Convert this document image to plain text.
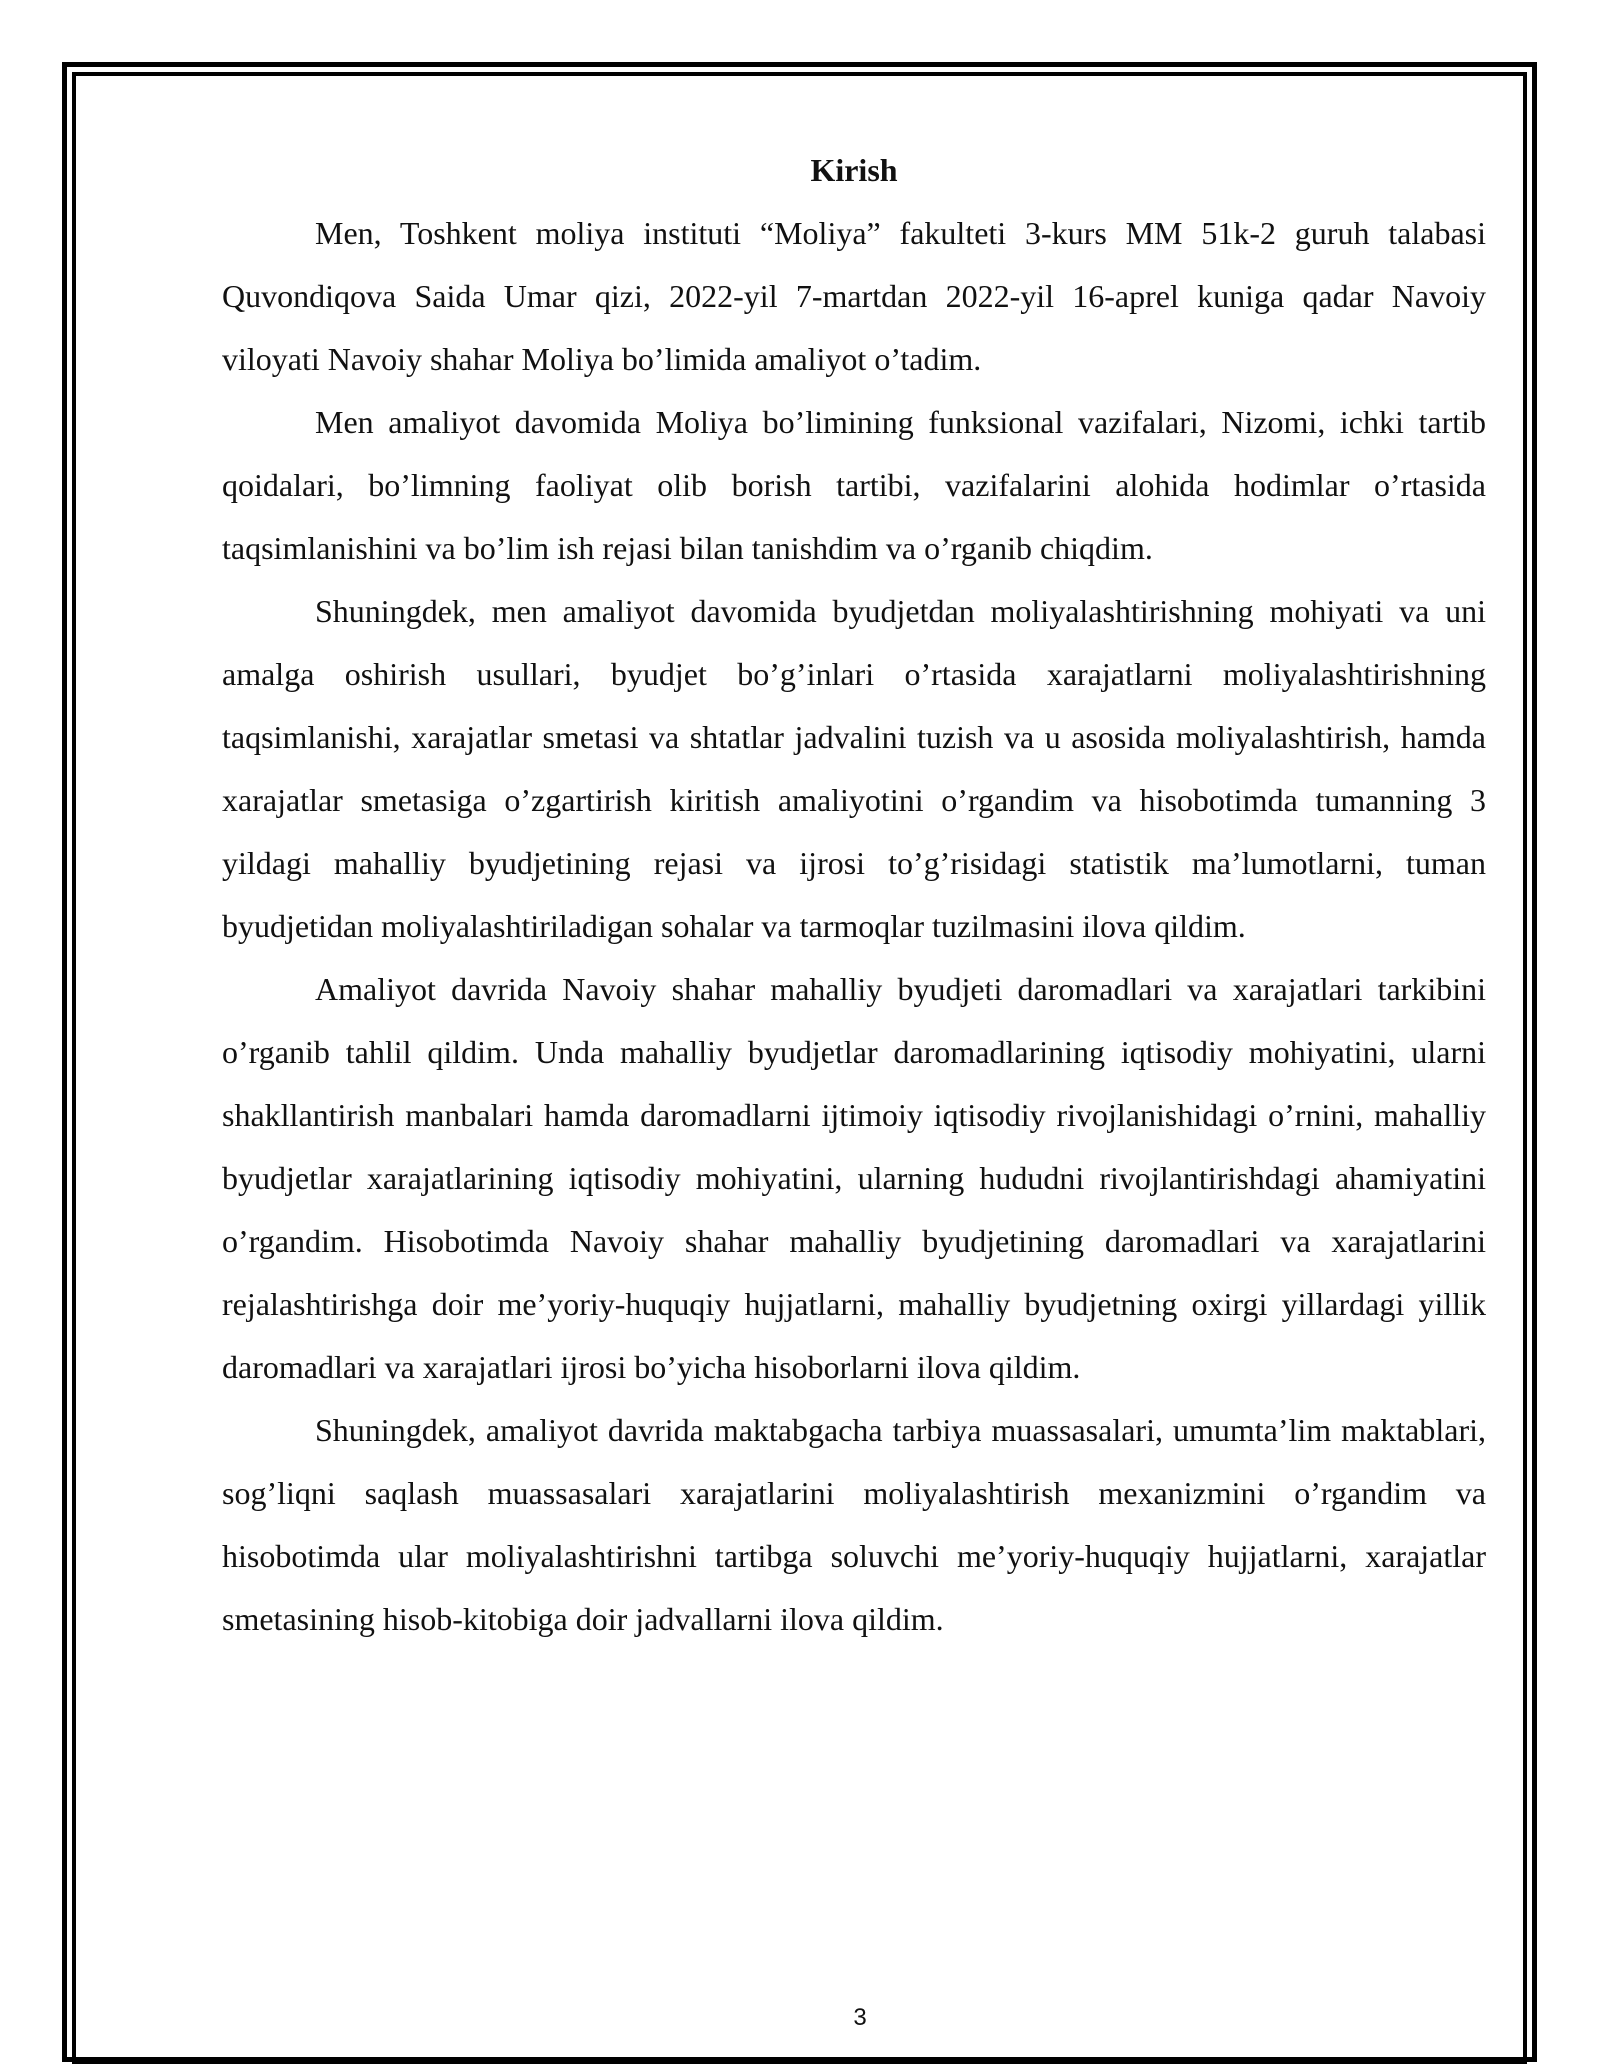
Kirish

Men, Toshkent moliya instituti “Moliya” fakulteti 3-kurs MM 51k-2 guruh talabasi Quvondiqova Saida Umar qizi, 2022-yil 7-martdan 2022-yil 16-aprel kuniga qadar Navoiy viloyati Navoiy shahar Moliya bo’limida amaliyot o’tadim.

Men amaliyot davomida Moliya bo’limining funksional vazifalari, Nizomi, ichki tartib qoidalari, bo’limning faoliyat olib borish tartibi, vazifalarini alohida hodimlar o’rtasida taqsimlanishini va bo’lim ish rejasi bilan tanishdim va o’rganib chiqdim.

Shuningdek, men amaliyot davomida byudjetdan moliyalashtirishning mohiyati va uni amalga oshirish usullari, byudjet bo’g’inlari o’rtasida xarajatlarni moliyalashtirishning taqsimlanishi, xarajatlar smetasi va shtatlar jadvalini tuzish va u asosida moliyalashtirish, hamda xarajatlar smetasiga o’zgartirish kiritish amaliyotini o’rgandim va hisobotimda tumanning 3 yildagi mahalliy byudjetining rejasi va ijrosi to’g’risidagi statistik ma’lumotlarni, tuman byudjetidan moliyalashtiriladigan sohalar va tarmoqlar tuzilmasini ilova qildim.

Amaliyot davrida Navoiy shahar mahalliy byudjeti daromadlari va xarajatlari tarkibini o’rganib tahlil qildim. Unda mahalliy byudjetlar daromadlarining iqtisodiy mohiyatini, ularni shakllantirish manbalari hamda daromadlarni ijtimoiy iqtisodiy rivojlanishidagi o’rnini, mahalliy byudjetlar xarajatlarining iqtisodiy mohiyatini, ularning hududni rivojlantirishdagi ahamiyatini o’rgandim. Hisobotimda Navoiy shahar mahalliy byudjetining daromadlari va xarajatlarini rejalashtirishga doir me’yoriy-huquqiy hujjatlarni, mahalliy byudjetning oxirgi yillardagi yillik daromadlari va xarajatlari ijrosi bo’yicha hisoborlarni ilova qildim.

Shuningdek, amaliyot davrida maktabgacha tarbiya muassasalari, umumta’lim maktablari, sog’liqni saqlash muassasalari xarajatlarini moliyalashtirish mexanizmini o’rgandim va hisobotimda ular moliyalashtirishni tartibga soluvchi me’yoriy-huquqiy hujjatlarni, xarajatlar smetasining hisob-kitobiga doir jadvallarni ilova qildim.

3
